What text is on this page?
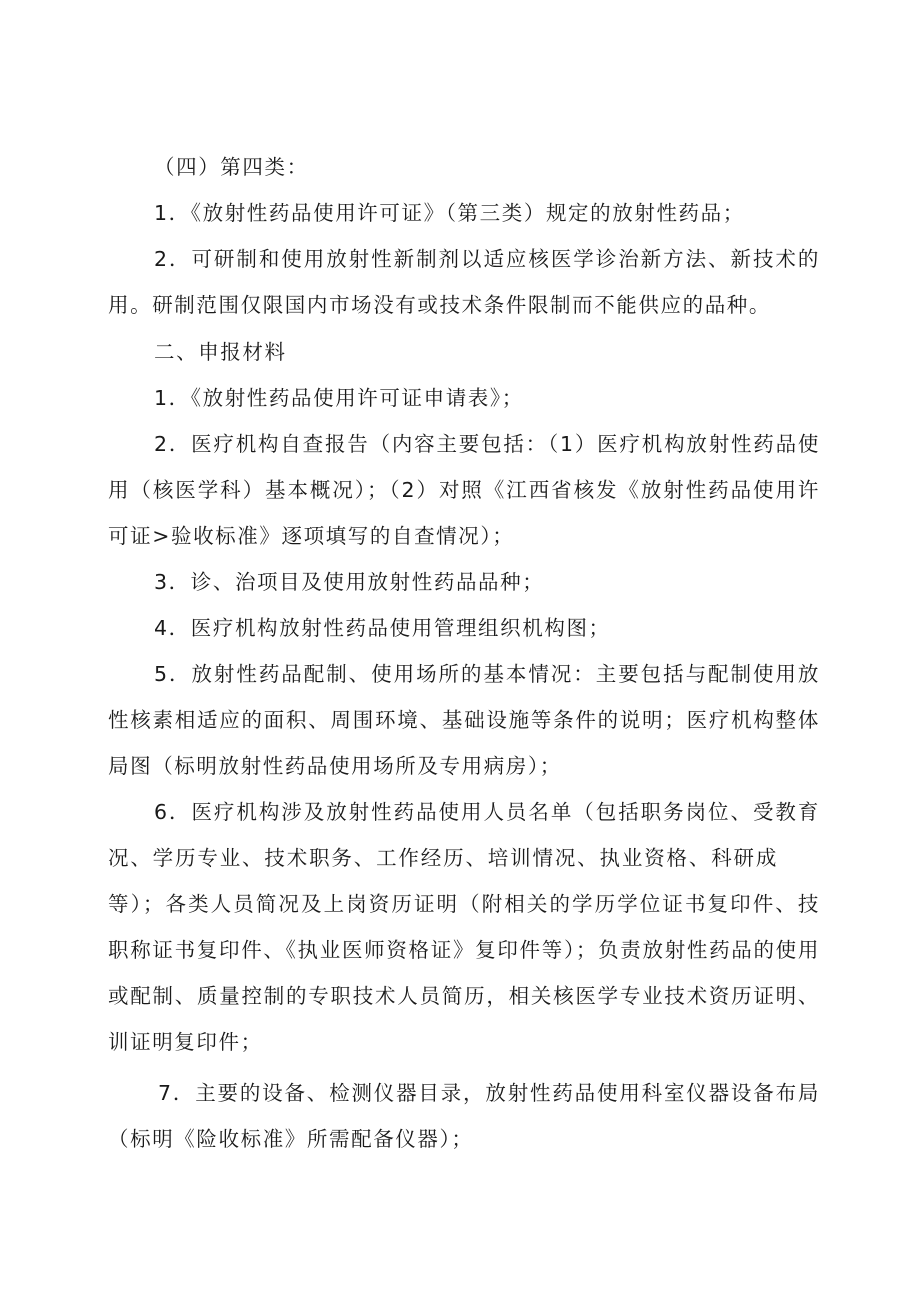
（四）第四类：
1．《放射性药品使用许可证》（第三类）规定的放射性药品；
2．可研制和使用放射性新制剂以适应核医学诊治新方法、新技术的
用。研制范围仅限国内市场没有或技术条件限制而不能供应的品种。
二、申报材料
1．《放射性药品使用许可证申请表》；
2．医疗机构自查报告（内容主要包括：（1）医疗机构放射性药品使
用（核医学科）基本概况）；（2）对照《江西省核发《放射性药品使用许
可证>验收标准》逐项填写的自查情况）；
3．诊、治项目及使用放射性药品品种；
4．医疗机构放射性药品使用管理组织机构图；
5．放射性药品配制、使用场所的基本情况：主要包括与配制使用放
性核素相适应的面积、周围环境、基础设施等条件的说明；医疗机构整体
局图（标明放射性药品使用场所及专用病房）；
6．医疗机构涉及放射性药品使用人员名单（包括职务岗位、受教育
况、学历专业、技术职务、工作经历、培训情况、执业资格、科研成
等）；各类人员简况及上岗资历证明（附相关的学历学位证书复印件、技
职称证书复印件、《执业医师资格证》复印件等）；负责放射性药品的使用
或配制、质量控制的专职技术人员简历，相关核医学专业技术资历证明、
训证明复印件；
7．主要的设备、检测仪器目录，放射性药品使用科室仪器设备布局
（标明《险收标准》所需配备仪器）；
